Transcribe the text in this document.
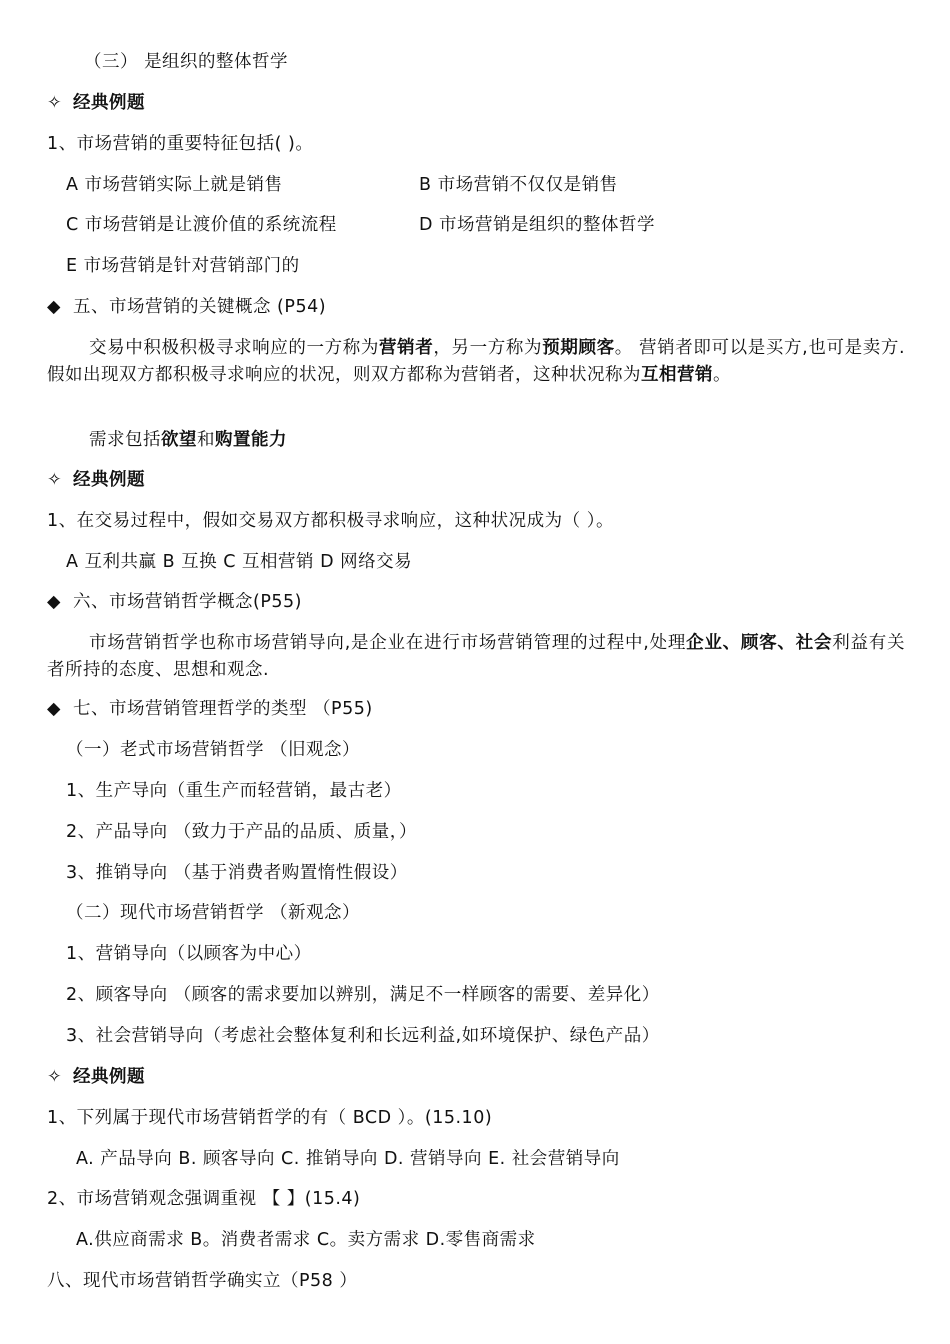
（三） 是组织的整体哲学
✧ 经典例题
1、市场营销的重要特征包括( )。
A 市场营销实际上就是销售	B 市场营销不仅仅是销售
C 市场营销是让渡价值的系统流程	D 市场营销是组织的整体哲学
E 市场营销是针对营销部门的
◆ 五、市场营销的关键概念 (P54)
交易中积极积极寻求响应的一方称为营销者，另一方称为预期顾客。 营销者即可以是买方,也可是卖方.假如出现双方都积极寻求响应的状况，则双方都称为营销者，这种状况称为互相营销。
需求包括欲望和购置能力
✧ 经典例题
1、在交易过程中，假如交易双方都积极寻求响应，这种状况成为（ ）。
A 互利共赢 B 互换 C 互相营销 D 网络交易
◆ 六、市场营销哲学概念(P55)
市场营销哲学也称市场营销导向,是企业在进行市场营销管理的过程中,处理企业、顾客、社会利益有关者所持的态度、思想和观念.
◆ 七、市场营销管理哲学的类型 （P55)
（一）老式市场营销哲学 （旧观念）
1、生产导向（重生产而轻营销，最古老）
2、产品导向 （致力于产品的品质、质量，）
3、推销导向 （基于消费者购置惰性假设）
（二）现代市场营销哲学 （新观念）
1、营销导向（以顾客为中心）
2、顾客导向 （顾客的需求要加以辨别，满足不一样顾客的需要、差异化）
3、社会营销导向（考虑社会整体复利和长远利益,如环境保护、绿色产品）
✧ 经典例题
1、下列属于现代市场营销哲学的有（ BCD ）。(15.10)
A. 产品导向 B. 顾客导向 C. 推销导向 D. 营销导向 E. 社会营销导向
2、市场营销观念强调重视 【 】(15.4)
A.供应商需求 B。消费者需求 C。卖方需求 D.零售商需求
八、现代市场营销哲学确实立（P58 ）
